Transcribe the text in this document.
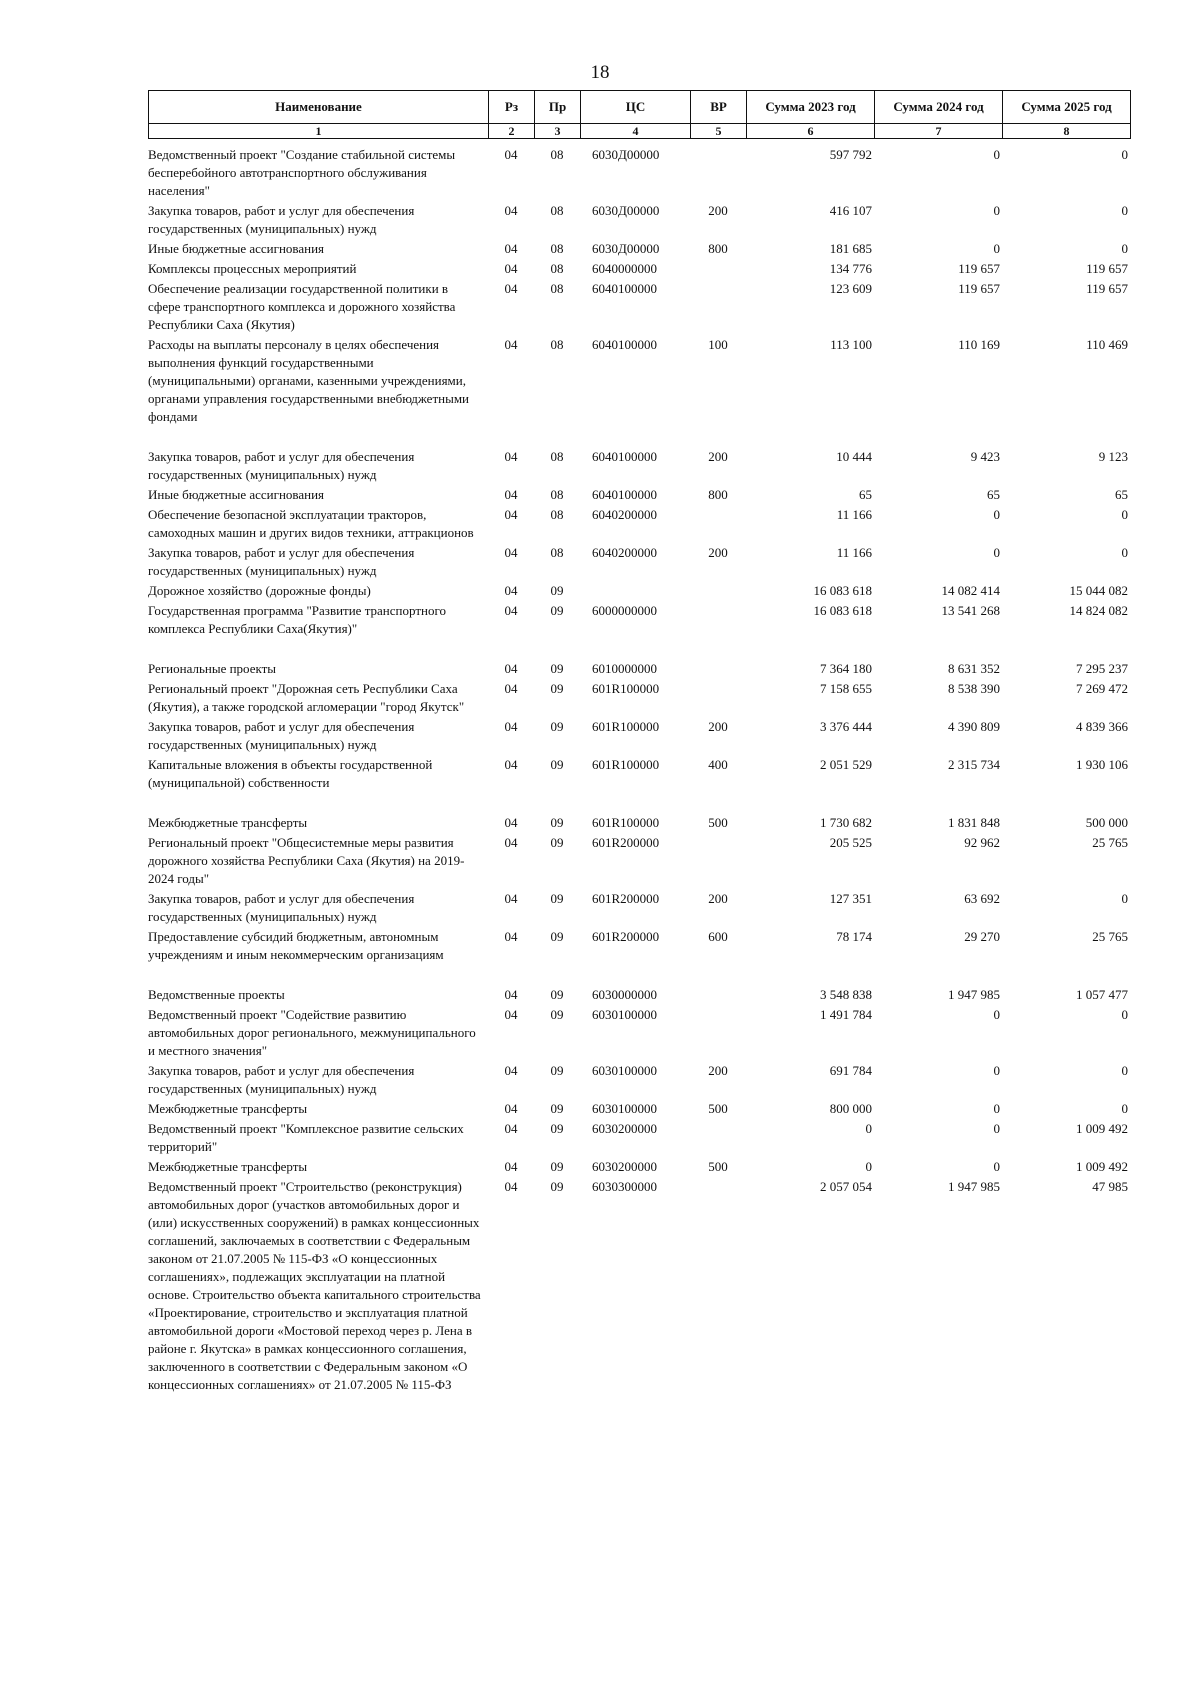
18
Наименование	Рз	Пр	ЦС	ВР	Сумма 2023 год	Сумма 2024 год	Сумма 2025 год
1	2	3	4	5	6	7	8
Ведомственный проект "Создание стабильной системы бесперебойного автотранспортного обслуживания населения"	04	08	6030Д00000		597 792	0	0
Закупка товаров, работ и услуг для обеспечения государственных (муниципальных) нужд	04	08	6030Д00000	200	416 107	0	0
Иные бюджетные ассигнования	04	08	6030Д00000	800	181 685	0	0
Комплексы процессных мероприятий	04	08	6040000000		134 776	119 657	119 657
Обеспечение реализации государственной политики в сфере транспортного комплекса и дорожного хозяйства Республики Саха (Якутия)	04	08	6040100000		123 609	119 657	119 657
Расходы на выплаты персоналу в целях обеспечения выполнения функций государственными (муниципальными) органами, казенными учреждениями, органами управления государственными внебюджетными фондами	04	08	6040100000	100	113 100	110 169	110 469
Закупка товаров, работ и услуг для обеспечения государственных (муниципальных) нужд	04	08	6040100000	200	10 444	9 423	9 123
Иные бюджетные ассигнования	04	08	6040100000	800	65	65	65
Обеспечение безопасной эксплуатации тракторов, самоходных машин и других видов техники, аттракционов	04	08	6040200000		11 166	0	0
Закупка товаров, работ и услуг для обеспечения государственных (муниципальных) нужд	04	08	6040200000	200	11 166	0	0
Дорожное хозяйство (дорожные фонды)	04	09			16 083 618	14 082 414	15 044 082
Государственная программа "Развитие транспортного комплекса Республики Саха(Якутия)"	04	09	6000000000		16 083 618	13 541 268	14 824 082
Региональные проекты	04	09	6010000000		7 364 180	8 631 352	7 295 237
Региональный проект "Дорожная сеть Республики Саха (Якутия), а также городской агломерации "город Якутск"	04	09	601R100000		7 158 655	8 538 390	7 269 472
Закупка товаров, работ и услуг для обеспечения государственных (муниципальных) нужд	04	09	601R100000	200	3 376 444	4 390 809	4 839 366
Капитальные вложения в объекты государственной (муниципальной) собственности	04	09	601R100000	400	2 051 529	2 315 734	1 930 106
Межбюджетные трансферты	04	09	601R100000	500	1 730 682	1 831 848	500 000
Региональный проект "Общесистемные меры развития дорожного хозяйства Республики Саха (Якутия) на 2019-2024 годы"	04	09	601R200000		205 525	92 962	25 765
Закупка товаров, работ и услуг для обеспечения государственных (муниципальных) нужд	04	09	601R200000	200	127 351	63 692	0
Предоставление субсидий бюджетным, автономным учреждениям и иным некоммерческим организациям	04	09	601R200000	600	78 174	29 270	25 765
Ведомственные проекты	04	09	6030000000		3 548 838	1 947 985	1 057 477
Ведомственный проект "Содействие развитию автомобильных дорог регионального, межмуниципального и местного значения"	04	09	6030100000		1 491 784	0	0
Закупка товаров, работ и услуг для обеспечения государственных (муниципальных) нужд	04	09	6030100000	200	691 784	0	0
Межбюджетные трансферты	04	09	6030100000	500	800 000	0	0
Ведомственный проект "Комплексное развитие сельских территорий"	04	09	6030200000		0	0	1 009 492
Межбюджетные трансферты	04	09	6030200000	500	0	0	1 009 492
Ведомственный проект "Строительство (реконструкция) автомобильных дорог (участков автомобильных дорог и (или) искусственных сооружений) в рамках концессионных соглашений, заключаемых в соответствии с Федеральным законом от 21.07.2005 № 115-ФЗ «О концессионных соглашениях», подлежащих эксплуатации на платной основе. Строительство объекта капитального строительства «Проектирование, строительство и эксплуатация платной автомобильной дороги «Мостовой переход через р. Лена в районе г. Якутска» в рамках концессионного соглашения, заключенного в соответствии с Федеральным законом «О концессионных соглашениях» от 21.07.2005 № 115-ФЗ	04	09	6030300000		2 057 054	1 947 985	47 985
